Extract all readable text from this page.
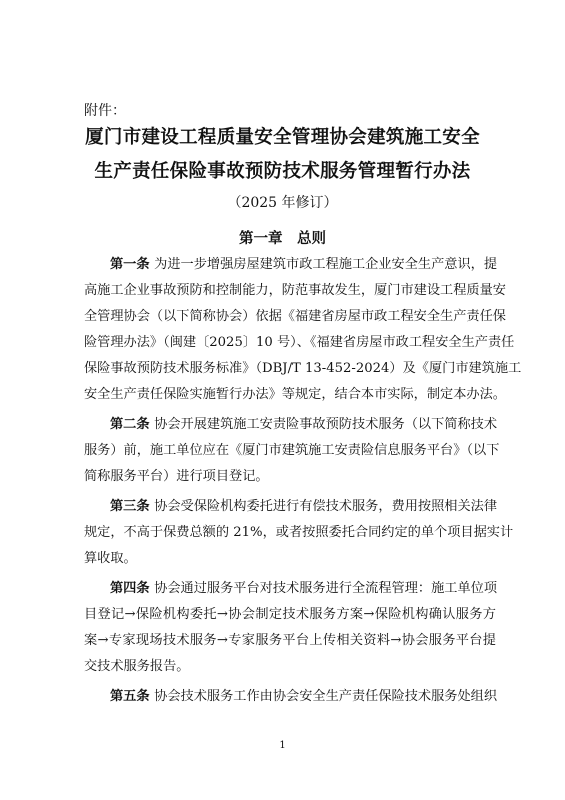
附件：
厦门市建设工程质量安全管理协会建筑施工安全
生产责任保险事故预防技术服务管理暂行办法
（2025 年修订）
第一章　总则
第一条 为进一步增强房屋建筑市政工程施工企业安全生产意识，提
高施工企业事故预防和控制能力，防范事故发生，厦门市建设工程质量安
全管理协会（以下简称协会）依据《福建省房屋市政工程安全生产责任保
险管理办法》（闽建〔2025〕10 号）、《福建省房屋市政工程安全生产责任
保险事故预防技术服务标准》（DBJ/T 13-452-2024）及《厦门市建筑施工
安全生产责任保险实施暂行办法》等规定，结合本市实际，制定本办法。
第二条 协会开展建筑施工安责险事故预防技术服务（以下简称技术
服务）前，施工单位应在《厦门市建筑施工安责险信息服务平台》（以下
简称服务平台）进行项目登记。
第三条 协会受保险机构委托进行有偿技术服务，费用按照相关法律
规定，不高于保费总额的 21%，或者按照委托合同约定的单个项目据实计
算收取。
第四条 协会通过服务平台对技术服务进行全流程管理：施工单位项
目登记→保险机构委托→协会制定技术服务方案→保险机构确认服务方
案→专家现场技术服务→专家服务平台上传相关资料→协会服务平台提
交技术服务报告。
第五条 协会技术服务工作由协会安全生产责任保险技术服务处组织
1
